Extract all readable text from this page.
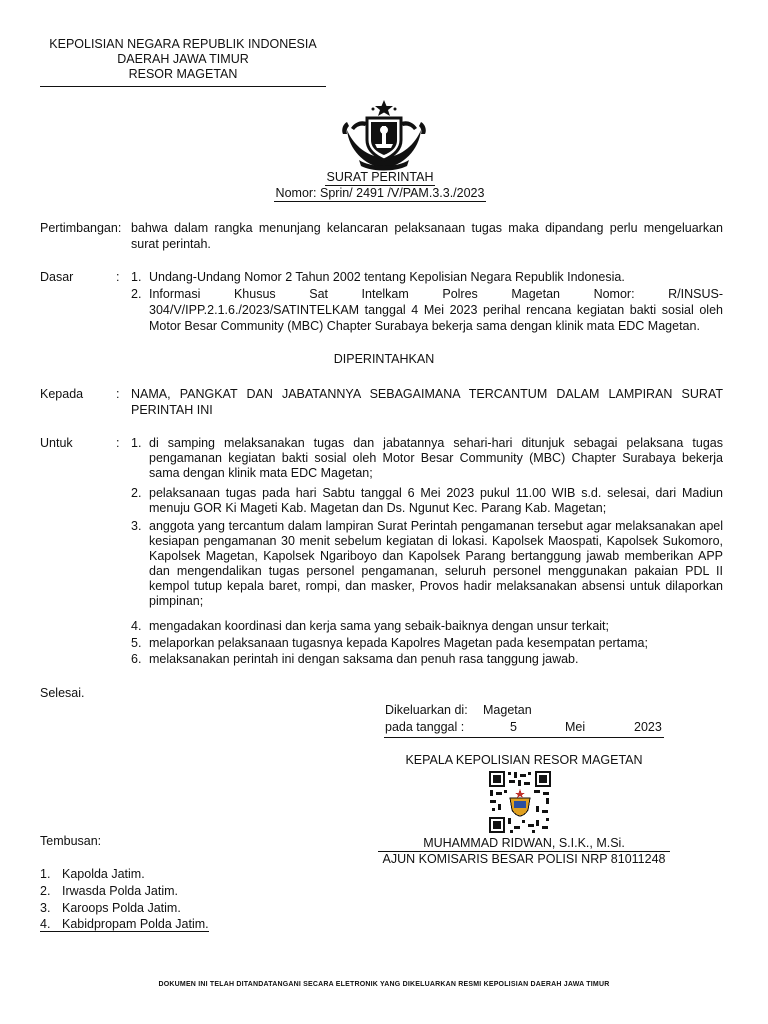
KEPOLISIAN NEGARA REPUBLIK INDONESIA
DAERAH JAWA TIMUR
RESOR MAGETAN
SURAT PERINTAH
Nomor: Sprin/ 2491 /V/PAM.3.3./2023
Pertimbangan: bahwa dalam rangka menunjang kelancaran pelaksanaan tugas maka dipandang perlu mengeluarkan
surat perintah.
Dasar	: 1. Undang-Undang Nomor 2 Tahun 2002 tentang Kepolisian Negara Republik Indonesia.
2. Informasi Khusus Sat Intelkam Polres Magetan Nomor: R/INSUS-
304/V/IPP.2.1.6./2023/SATINTELKAM tanggal 4 Mei 2023 perihal rencana kegiatan bakti sosial oleh
Motor Besar Community (MBC) Chapter Surabaya bekerja sama dengan klinik mata EDC Magetan.
DIPERINTAHKAN
Kepada	: NAMA, PANGKAT DAN JABATANNYA SEBAGAIMANA TERCANTUM DALAM LAMPIRAN SURAT
PERINTAH INI
Untuk	: 1. di samping melaksanakan tugas dan jabatannya sehari-hari ditunjuk sebagai pelaksana tugas pengamanan kegiatan bakti sosial oleh Motor Besar Community (MBC) Chapter Surabaya bekerja sama dengan klinik mata EDC Magetan;
2. pelaksanaan tugas pada hari Sabtu tanggal 6 Mei 2023 pukul 11.00 WIB s.d. selesai, dari Madiun menuju GOR Ki Mageti Kab. Magetan dan Ds. Ngunut Kec. Parang Kab. Magetan;
3. anggota yang tercantum dalam lampiran Surat Perintah pengamanan tersebut agar melaksanakan apel kesiapan pengamanan 30 menit sebelum kegiatan di lokasi. Kapolsek Maospati, Kapolsek Sukomoro, Kapolsek Magetan, Kapolsek Ngariboyo dan Kapolsek Parang bertanggung jawab memberikan APP dan mengendalikan tugas personel pengamanan, seluruh personel menggunakan pakaian PDL II kempol tutup kepala baret, rompi, dan masker, Provos hadir melaksanakan absensi untuk dilaporkan pimpinan;
4. mengadakan koordinasi dan kerja sama yang sebaik-baiknya dengan unsur terkait;
5. melaporkan pelaksanaan tugasnya kepada Kapolres Magetan pada kesempatan pertama;
6. melaksanakan perintah ini dengan saksama dan penuh rasa tanggung jawab.
Selesai.
Dikeluarkan di: Magetan
pada tanggal :	5	Mei	2023
KEPALA KEPOLISIAN RESOR MAGETAN
MUHAMMAD RIDWAN, S.I.K., M.Si.
AJUN KOMISARIS BESAR POLISI NRP 81011248
Tembusan:
1. Kapolda Jatim.
2. Irwasda Polda Jatim.
3. Karoops Polda Jatim.
4. Kabidpropam Polda Jatim.
DOKUMEN INI TELAH DITANDATANGANI SECARA ELETRONIK YANG DIKELUARKAN RESMI KEPOLISIAN DAERAH JAWA TIMUR
